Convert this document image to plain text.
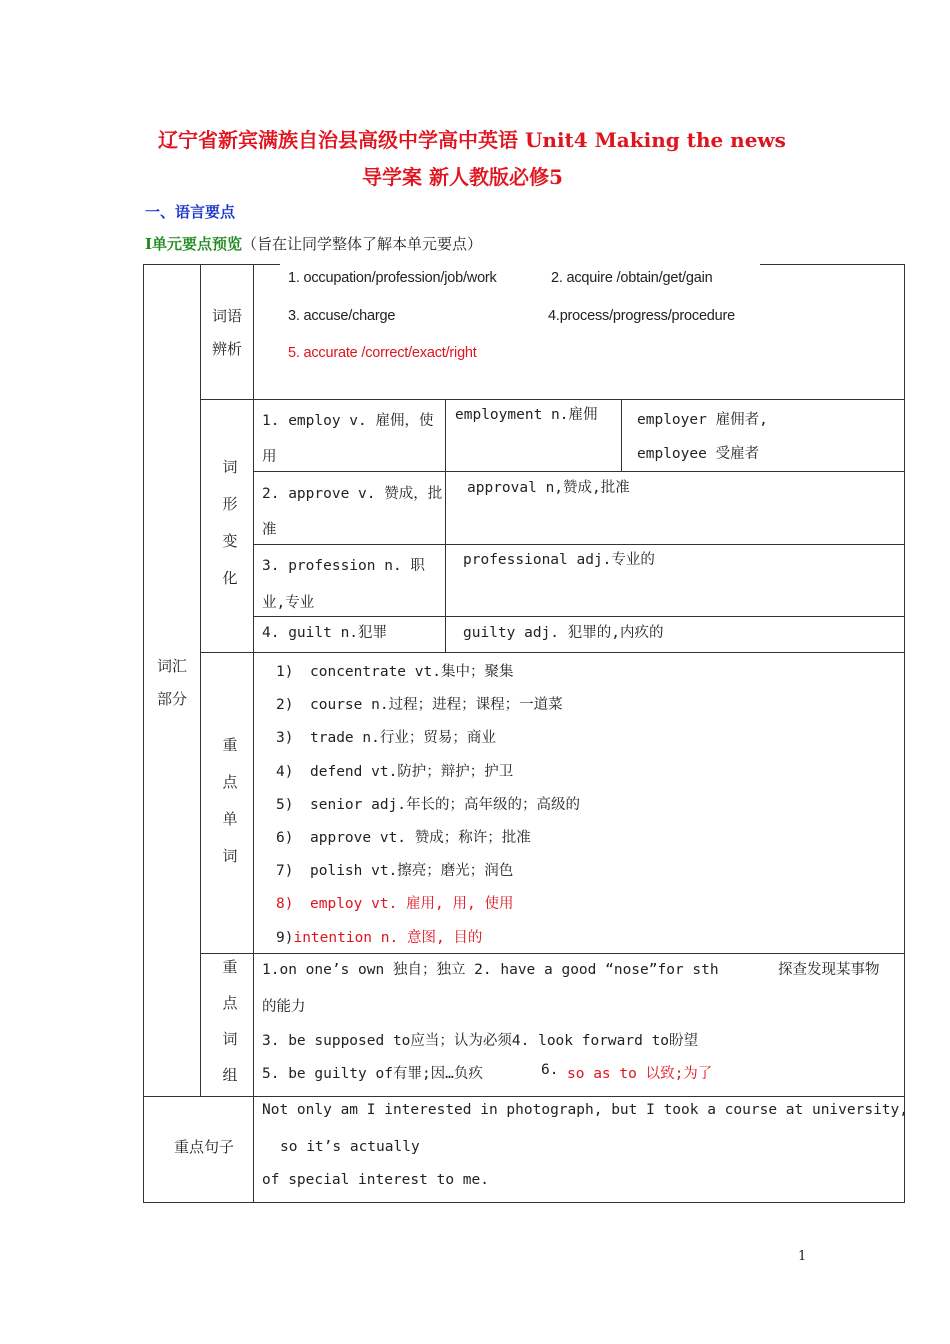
辽宁省新宾满族自治县高级中学高中英语 Unit4 Making the news
导学案 新人教版必修5
一、语言要点
Ⅰ单元要点预览（旨在让同学整体了解本单元要点）
词汇
部分
词语
辨析
1. occupation/profession/job/work	2. acquire /obtain/get/gain
3. accuse/charge	4.process/progress/procedure
5. accurate /correct/exact/right
词
形
变
化
1. employ v. 雇佣，使
用
employment n.雇佣	employer 雇佣者,
employee 受雇者
2. approve v. 赞成，批
准
approval n,赞成,批准
3. profession n. 职
业,专业
professional adj.专业的
4. guilt n.犯罪	guilty adj. 犯罪的,内疚的
重
点
单
词
1) concentrate vt.集中；聚集
2) course n.过程；进程；课程；一道菜
3) trade n.行业；贸易；商业
4) defend vt.防护；辩护；护卫
5) senior adj.年长的；高年级的；高级的
6) approve vt. 赞成；称许；批准
7) polish vt.擦亮；磨光；润色
8) employ vt. 雇用, 用, 使用
9)intention n. 意图, 目的
重
点
词
组
1.on one’s own 独自；独立 2. have a good “nose”for sth	探查发现某事物
的能力
3. be supposed to应当；认为必须4. look forward to盼望
5. be guilty of有罪;因…负疚	6. so as to 以致;为了
重点句子
Not only am I interested in photograph, but I took a course at university,
so it’s actually
of special interest to me.
1
